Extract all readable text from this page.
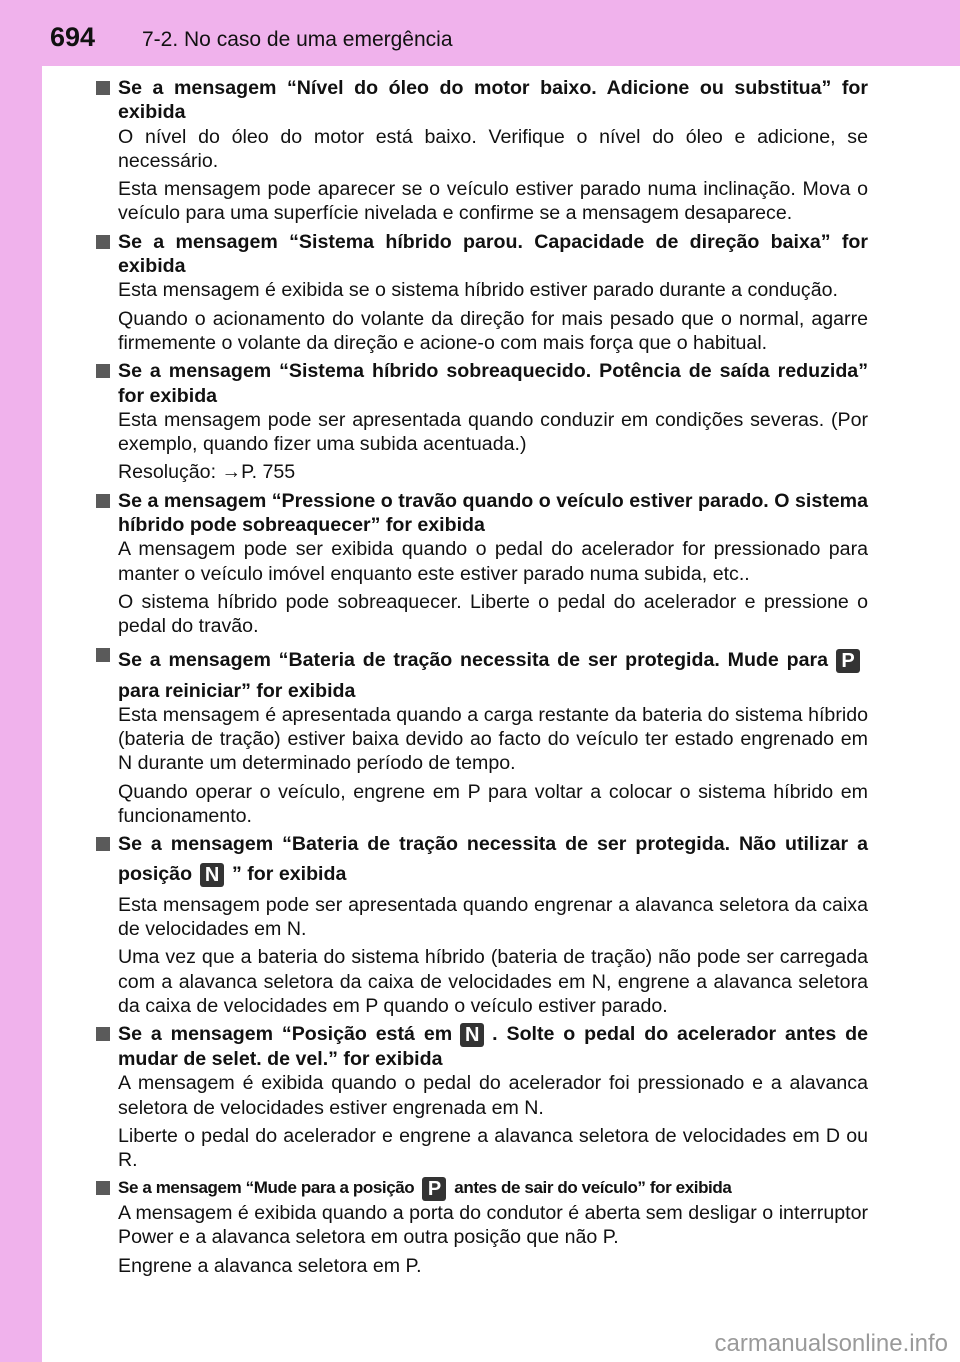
694 7-2. No caso de uma emergência
Se a mensagem “Nível do óleo do motor baixo. Adicione ou substitua” for exibida
O nível do óleo do motor está baixo. Verifique o nível do óleo e adicione, se necessário.
Esta mensagem pode aparecer se o veículo estiver parado numa inclinação. Mova o veículo para uma superfície nivelada e confirme se a mensagem desaparece.
Se a mensagem “Sistema híbrido parou. Capacidade de direção baixa” for exibida
Esta mensagem é exibida se o sistema híbrido estiver parado durante a condução.
Quando o acionamento do volante da direção for mais pesado que o normal, agarre firmemente o volante da direção e acione-o com mais força que o habitual.
Se a mensagem “Sistema híbrido sobreaquecido. Potência de saída reduzida” for exibida
Esta mensagem pode ser apresentada quando conduzir em condições severas. (Por exemplo, quando fizer uma subida acentuada.)
Resolução: →P. 755
Se a mensagem “Pressione o travão quando o veículo estiver parado. O sistema híbrido pode sobreaquecer” for exibida
A mensagem pode ser exibida quando o pedal do acelerador for pressionado para manter o veículo imóvel enquanto este estiver parado numa subida, etc..
O sistema híbrido pode sobreaquecer. Liberte o pedal do acelerador e pressione o pedal do travão.
Se a mensagem “Bateria de tração necessita de ser protegida. Mude para Ppara reiniciar” for exibida
Esta mensagem é apresentada quando a carga restante da bateria do sistema híbrido (bateria de tração) estiver baixa devido ao facto do veículo ter estado engrenado em N durante um determinado período de tempo.
Quando operar o veículo, engrene em P para voltar a colocar o sistema híbrido em funcionamento.
Se a mensagem “Bateria de tração necessita de ser protegida. Não utilizar a posição N ” for exibida
Esta mensagem pode ser apresentada quando engrenar a alavanca seletora da caixa de velocidades em N.
Uma vez que a bateria do sistema híbrido (bateria de tração) não pode ser carregada com a alavanca seletora da caixa de velocidades em N, engrene a alavanca seletora da caixa de velocidades em P quando o veículo estiver parado.
Se a mensagem “Posição está em N . Solte o pedal do acelerador antes de mudar de selet. de vel.” for exibida
A mensagem é exibida quando o pedal do acelerador foi pressionado e a alavanca seletora de velocidades estiver engrenada em N.
Liberte o pedal do acelerador e engrene a alavanca seletora de velocidades em D ou R.
Se a mensagem “Mude para a posição P antes de sair do veículo” for exibida
A mensagem é exibida quando a porta do condutor é aberta sem desligar o interruptor Power e a alavanca seletora em outra posição que não P.
Engrene a alavanca seletora em P.
carmanualsonline.info
